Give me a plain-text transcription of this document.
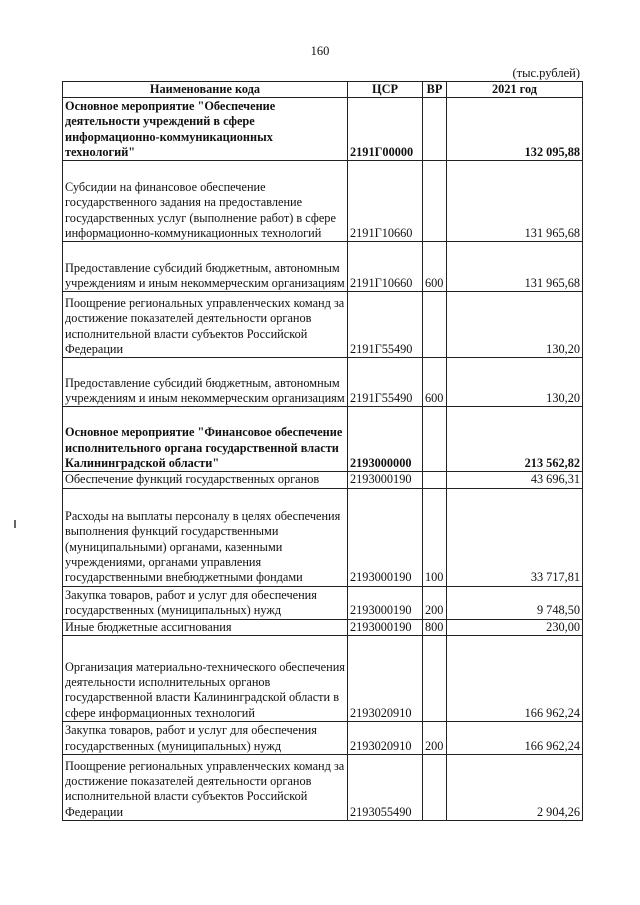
160
(тыс.рублей)
Наименование кода	ЦСР	ВР	2021 год
Основное мероприятие "Обеспечение деятельности учреждений в сфере информационно-коммуникационных технологий"	2191Г00000		132 095,88
Субсидии на финансовое обеспечение государственного задания на предоставление государственных услуг (выполнение работ) в сфере информационно-коммуникационных технологий	2191Г10660		131 965,68
Предоставление субсидий бюджетным, автономным учреждениям и иным некоммерческим организациям	2191Г10660	600	131 965,68
Поощрение региональных управленческих команд за достижение показателей деятельности органов исполнительной власти субъектов Российской Федерации	2191Г55490		130,20
Предоставление субсидий бюджетным, автономным учреждениям и иным некоммерческим организациям	2191Г55490	600	130,20
Основное мероприятие "Финансовое обеспечение исполнительного органа государственной власти Калининградской области"	2193000000		213 562,82
Обеспечение функций государственных органов	2193000190		43 696,31
Расходы на выплаты персоналу в целях обеспечения выполнения функций государственными (муниципальными) органами, казенными учреждениями, органами управления государственными внебюджетными фондами	2193000190	100	33 717,81
Закупка товаров, работ и услуг для обеспечения государственных (муниципальных) нужд	2193000190	200	9 748,50
Иные бюджетные ассигнования	2193000190	800	230,00
Организация материально-технического обеспечения деятельности исполнительных органов государственной власти Калининградской области в сфере информационных технологий	2193020910		166 962,24
Закупка товаров, работ и услуг для обеспечения государственных (муниципальных) нужд	2193020910	200	166 962,24
Поощрение региональных управленческих команд за достижение показателей деятельности органов исполнительной власти субъектов Российской Федерации	2193055490		2 904,26
